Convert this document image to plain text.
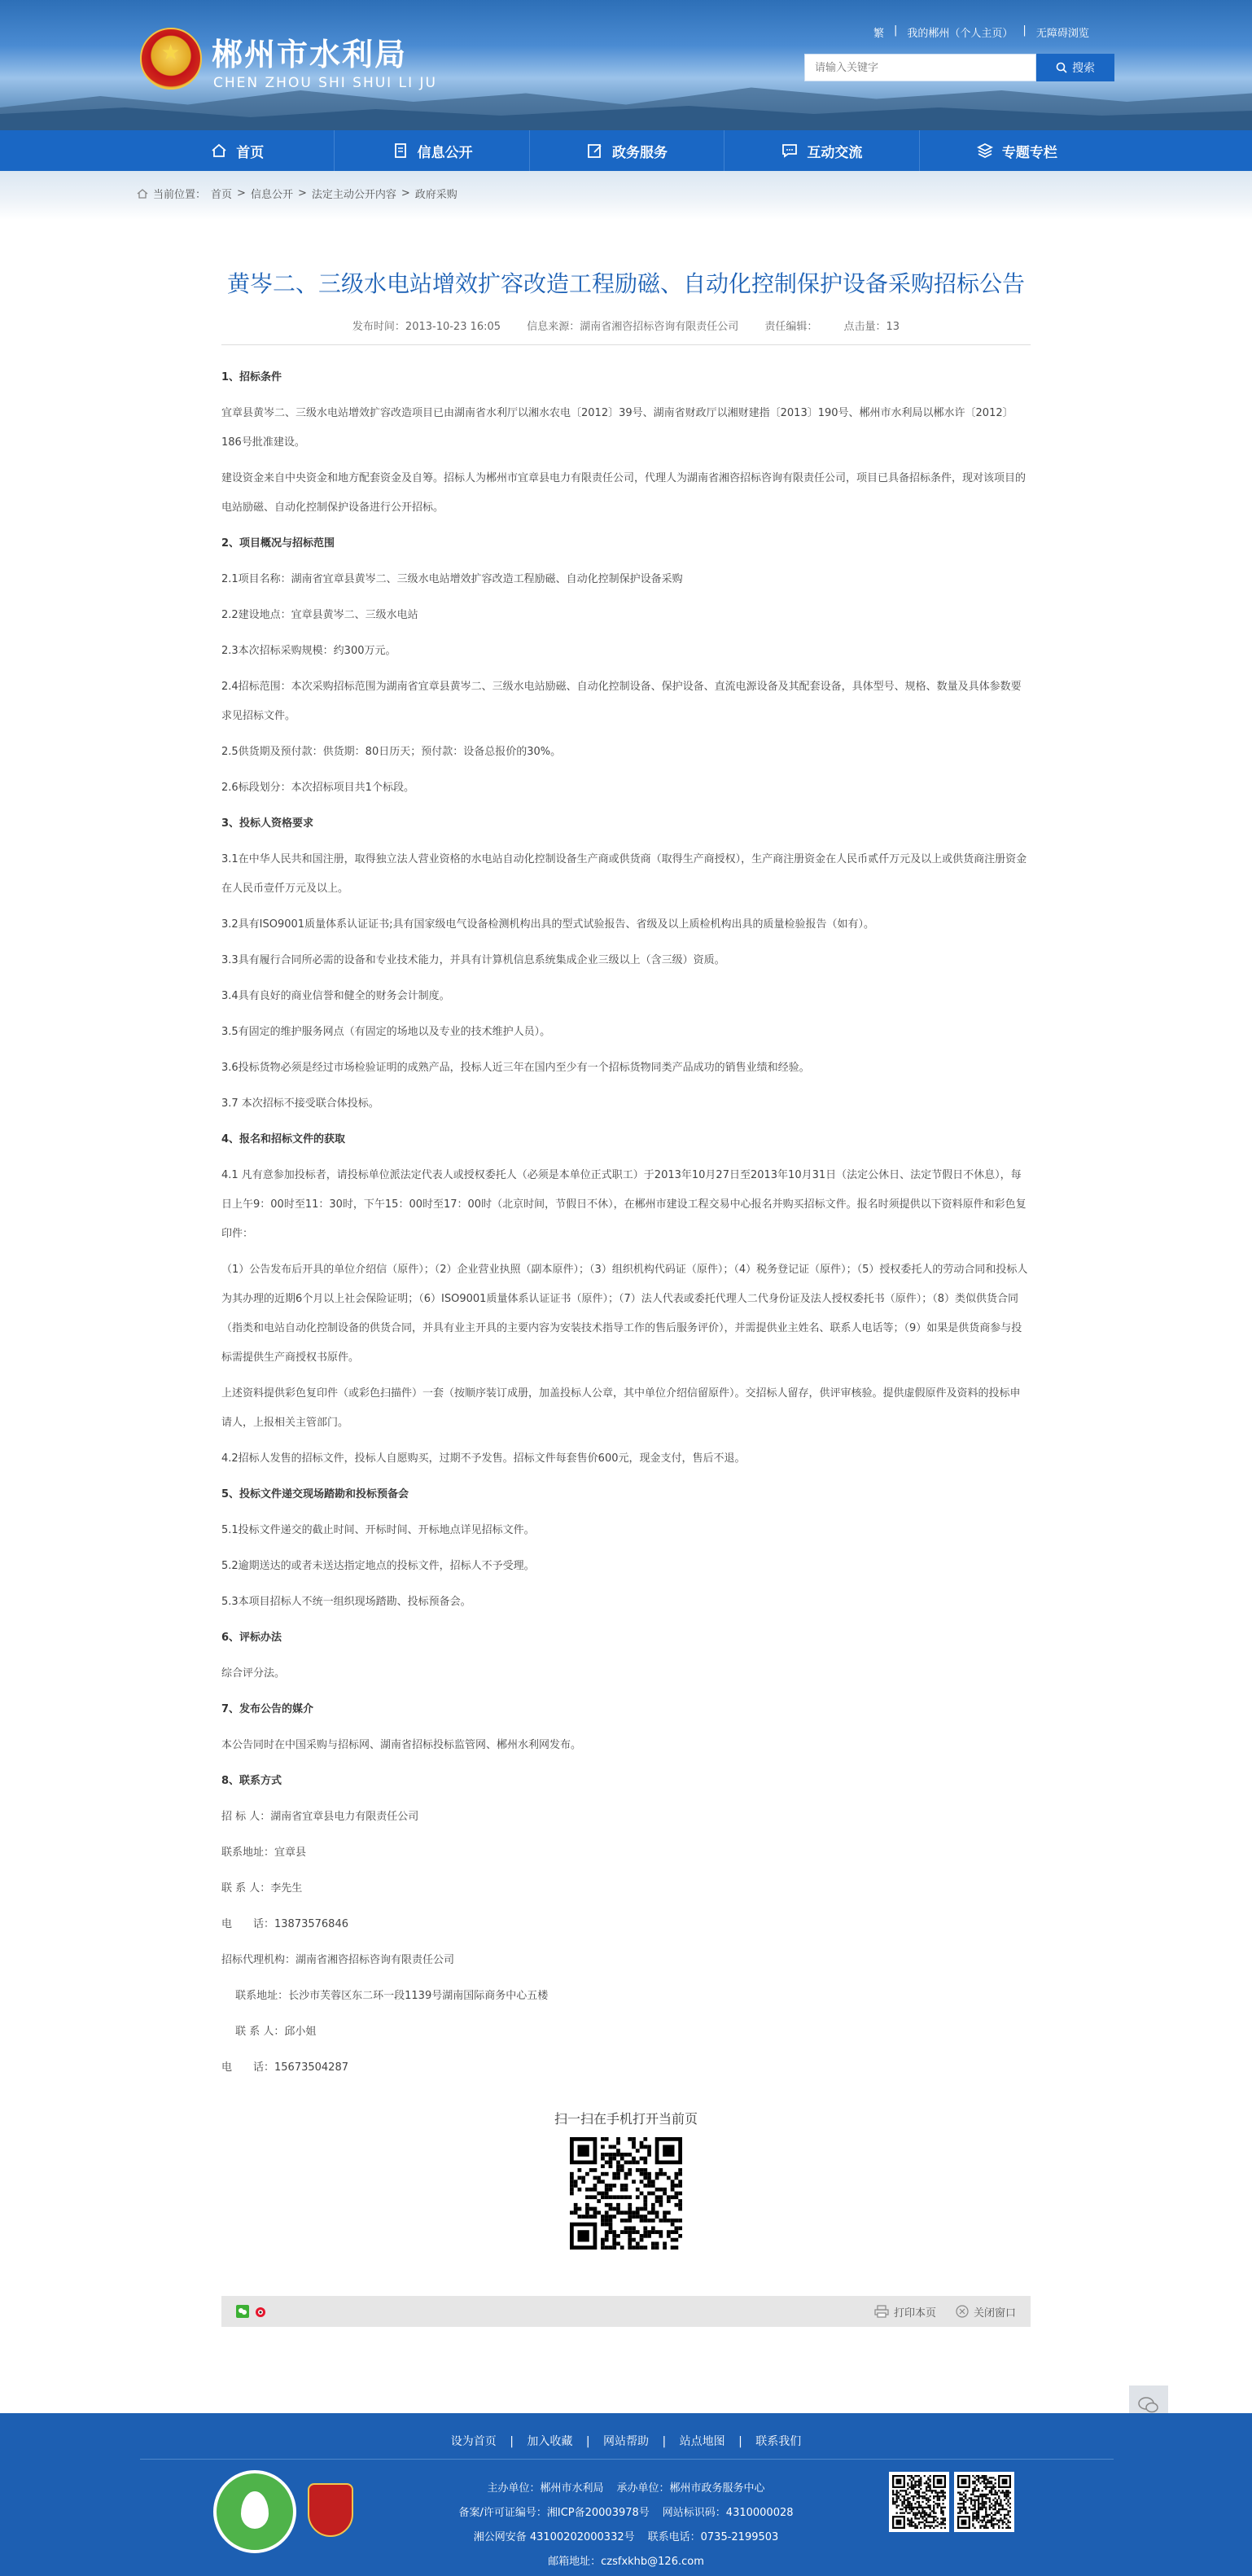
★
郴州市水利局
CHEN ZHOU SHI SHUI LI JU
繁 | 我的郴州（个人主页） | 无障碍浏览
请输入关键字
搜索
首页	信息公开	政务服务	互动交流	专题专栏
当前位置： 首页 > 信息公开 > 法定主动公开内容 > 政府采购
黄岑二、三级水电站增效扩容改造工程励磁、自动化控制保护设备采购招标公告
发布时间：2013-10-23 16:05 信息来源：湖南省湘咨招标咨询有限责任公司 责任编辑： 点击量：13

1、招标条件

宜章县黄岑二、三级水电站增效扩容改造项目已由湖南省水利厅以湘水农电〔2012〕39号、湖南省财政厅以湘财建指〔2013〕190号、郴州市水利局以郴水许〔2012〕186号批准建设。

建设资金来自中央资金和地方配套资金及自筹。招标人为郴州市宜章县电力有限责任公司，代理人为湖南省湘咨招标咨询有限责任公司，项目已具备招标条件，现对该项目的电站励磁、自动化控制保护设备进行公开招标。

2、项目概况与招标范围

2.1项目名称：湖南省宜章县黄岑二、三级水电站增效扩容改造工程励磁、自动化控制保护设备采购

2.2建设地点：宜章县黄岑二、三级水电站

2.3本次招标采购规模：约300万元。

2.4招标范围：本次采购招标范围为湖南省宜章县黄岑二、三级水电站励磁、自动化控制设备、保护设备、直流电源设备及其配套设备，具体型号、规格、数量及具体参数要求见招标文件。

2.5供货期及预付款：供货期：80日历天；预付款：设备总报价的30%。

2.6标段划分：本次招标项目共1个标段。

3、投标人资格要求

3.1在中华人民共和国注册，取得独立法人营业资格的水电站自动化控制设备生产商或供货商（取得生产商授权），生产商注册资金在人民币贰仟万元及以上或供货商注册资金在人民币壹仟万元及以上。

3.2具有ISO9001质量体系认证证书;具有国家级电气设备检测机构出具的型式试验报告、省级及以上质检机构出具的质量检验报告（如有）。

3.3具有履行合同所必需的设备和专业技术能力，并具有计算机信息系统集成企业三级以上（含三级）资质。

3.4具有良好的商业信誉和健全的财务会计制度。

3.5有固定的维护服务网点（有固定的场地以及专业的技术维护人员）。

3.6投标货物必须是经过市场检验证明的成熟产品，投标人近三年在国内至少有一个招标货物同类产品成功的销售业绩和经验。

3.7 本次招标不接受联合体投标。

4、报名和招标文件的获取

4.1 凡有意参加投标者，请投标单位派法定代表人或授权委托人（必须是本单位正式职工）于2013年10月27日至2013年10月31日（法定公休日、法定节假日不休息），每日上午9：00时至11：30时，下午15：00时至17：00时（北京时间，节假日不休），在郴州市建设工程交易中心报名并购买招标文件。报名时须提供以下资料原件和彩色复印件：

（1）公告发布后开具的单位介绍信（原件）；（2）企业营业执照（副本原件）；（3）组织机构代码证（原件）；（4）税务登记证（原件）；（5）授权委托人的劳动合同和投标人为其办理的近期6个月以上社会保险证明；（6）ISO9001质量体系认证证书（原件）；（7）法人代表或委托代理人二代身份证及法人授权委托书（原件）；（8）类似供货合同（指类和电站自动化控制设备的供货合同，并具有业主开具的主要内容为安装技术指导工作的售后服务评价），并需提供业主姓名、联系人电话等；（9）如果是供货商参与投标需提供生产商授权书原件。

上述资料提供彩色复印件（或彩色扫描件）一套（按顺序装订成册，加盖投标人公章，其中单位介绍信留原件）。交招标人留存，供评审核验。提供虚假原件及资料的投标申请人，上报相关主管部门。

4.2招标人发售的招标文件，投标人自愿购买，过期不予发售。招标文件每套售价600元，现金支付，售后不退。

5、投标文件递交现场踏勘和投标预备会

5.1投标文件递交的截止时间、开标时间、开标地点详见招标文件。

5.2逾期送达的或者未送达指定地点的投标文件，招标人不予受理。

5.3本项目招标人不统一组织现场踏勘、投标预备会。

6、评标办法

综合评分法。

7、发布公告的媒介

本公告同时在中国采购与招标网、湖南省招标投标监管网、郴州水利网发布。

8、联系方式

招 标 人：湖南省宜章县电力有限责任公司

联系地址：宜章县

联 系 人：李先生

电　　话：13873576846

招标代理机构：湖南省湘咨招标咨询有限责任公司

　 联系地址：长沙市芙蓉区东二环一段1139号湖南国际商务中心五楼

　 联 系 人：邱小姐

电　　话：15673504287

扫一扫在手机打开当前页
打印本页	关闭窗口
设为首页 | 加入收藏 | 网站帮助 | 站点地图 | 联系我们
主办单位：郴州市水利局 承办单位：郴州市政务服务中心
备案/许可证编号：湘ICP备20003978号 网站标识码：4310000028
湘公网安备 43100202000332号 联系电话：0735-2199503
邮箱地址：czsfxkhb@126.com
